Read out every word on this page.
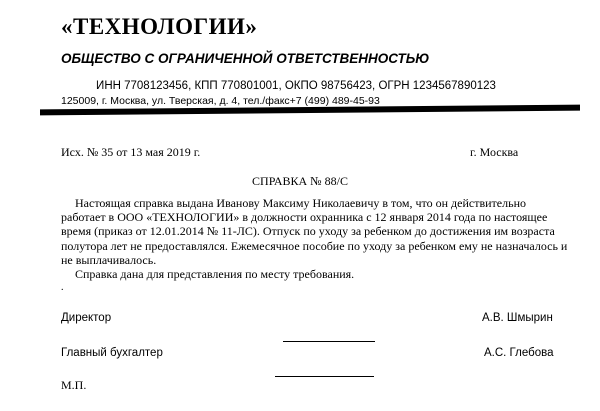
«ТЕХНОЛОГИИ»
ОБЩЕСТВО С ОГРАНИЧЕННОЙ ОТВЕТСТВЕННОСТЬЮ
ИНН 7708123456, КПП 770801001, ОКПО 98756423, ОГРН 1234567890123
125009, г. Москва, ул. Тверская, д. 4, тел./факс+7 (499) 489-45-93
Исх. № 35 от 13 мая 2019 г.	г. Москва
СПРАВКА № 88/С

Настоящая справка выдана Иванову Максиму Николаевичу в том, что он действительно

работает в ООО «ТЕХНОЛОГИИ» в должности охранника с 12 января 2014 года по настоящее

время (приказ от 12.01.2014 № 11-ЛС). Отпуск по уходу за ребенком до достижения им возраста

полутора лет не предоставлялся. Ежемесячное пособие по уходу за ребенком ему не назначалось и

не выплачивалось.

Справка дана для представления по месту требования.

.
Директор	А.В. Шмырин
Главный бухгалтер	А.С. Глебова
М.П.
